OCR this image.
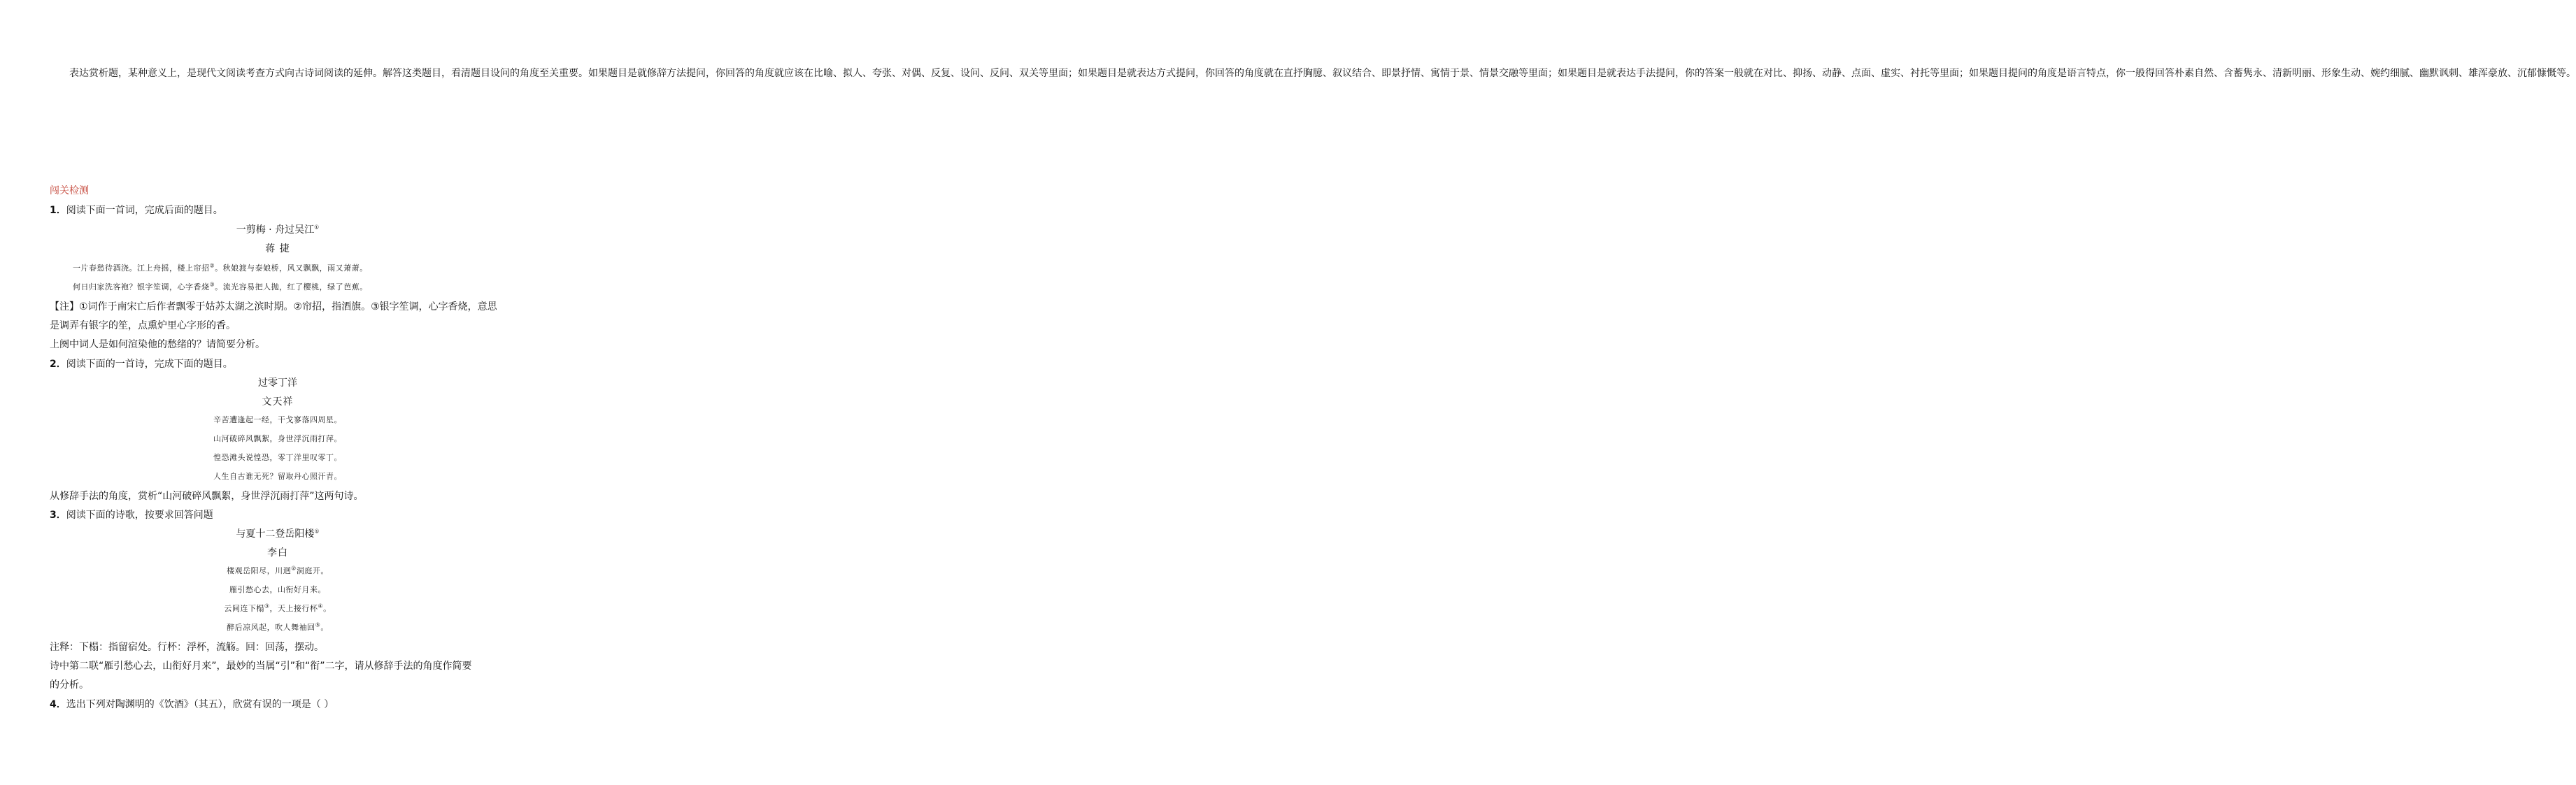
表达赏析题，某种意义上，是现代文阅读考查方式向古诗词阅读的延伸。解答这类题目，看清题目设问的角度至关重要。如果题目是就修辞方法提问，你回答的角度就应该在比喻、拟人、夸张、对偶、反复、设问、反问、双关等里面；如果题目是就表达方式提问，你回答的角度就在直抒胸臆、叙议结合、即景抒情、寓情于景、情景交融等里面；如果题目是就表达手法提问，你的答案一般就在对比、抑扬、动静、点面、虚实、衬托等里面；如果题目提问的角度是语言特点，你一般得回答朴素自然、含蓄隽永、清新明丽、形象生动、婉约细腻、幽默讽刺、雄浑豪放、沉郁慷慨等。
闯关检测
1．阅读下面一首词，完成后面的题目。
一剪梅 · 舟过吴江①
蒋 捷
一片春愁待酒浇。江上舟摇，楼上帘招②。秋娘渡与泰娘桥，风又飘飘，雨又萧萧。
何日归家洗客袍？银字笙调，心字香烧③。流光容易把人抛，红了樱桃，绿了芭蕉。
【注】①词作于南宋亡后作者飘零于姑苏太湖之滨时期。②帘招，指酒旗。③银字笙调，心字香烧，意思
是调弄有银字的笙，点熏炉里心字形的香。
上阕中词人是如何渲染他的愁绪的？请简要分析。
2．阅读下面的一首诗，完成下面的题目。
过零丁洋
文天祥
辛苦遭逢起一经，干戈寥落四周星。
山河破碎风飘絮，身世浮沉雨打萍。
惶恐滩头说惶恐，零丁洋里叹零丁。
人生自古谁无死？留取丹心照汗青。
从修辞手法的角度，赏析“山河破碎风飘絮，身世浮沉雨打萍”这两句诗。
3．阅读下面的诗歌，按要求回答问题
与夏十二登岳阳楼①
李白
楼观岳阳尽，川迥②洞庭开。
雁引愁心去，山衔好月来。
云间连下榻③，天上接行杯④。
醉后凉风起，吹人舞袖回⑤。
注释：下榻：指留宿处。行杯：浮杯，流觞。回：回荡，摆动。
诗中第二联“雁引愁心去，山衔好月来”，最妙的当属“引”和“衔”二字，请从修辞手法的角度作简要
的分析。
4．选出下列对陶渊明的《饮酒》（其五），欣赏有误的一项是（ ）
